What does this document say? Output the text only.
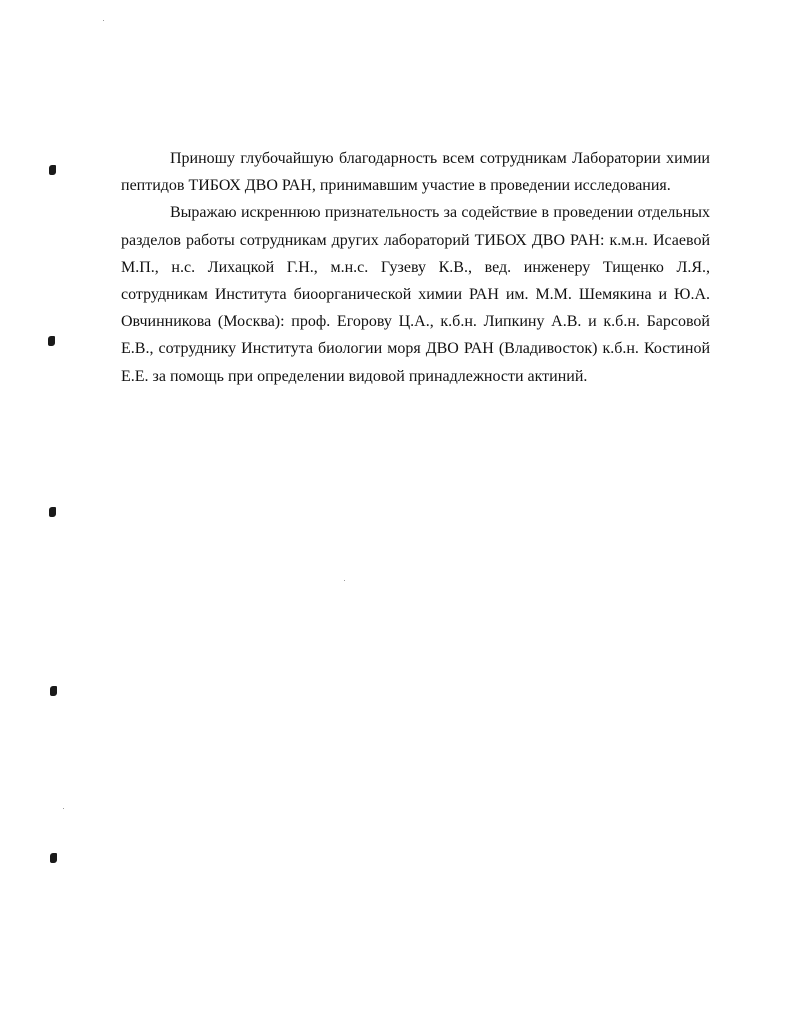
Приношу глубочайшую благодарность всем сотрудникам Лаборатории химии пептидов ТИБОХ ДВО РАН, принимавшим участие в проведении исследования.

Выражаю искреннюю признательность за содействие в проведении отдельных разделов работы сотрудникам других лабораторий ТИБОХ ДВО РАН: к.м.н. Исаевой М.П., н.с. Лихацкой Г.Н., м.н.с. Гузеву К.В., вед. инженеру Тищенко Л.Я., сотрудникам Института биоорганической химии РАН им. М.М. Шемякина и Ю.А. Овчинникова (Москва): проф. Егорову Ц.А., к.б.н. Липкину А.В. и к.б.н. Барсовой Е.В., сотруднику Института биологии моря ДВО РАН (Владивосток) к.б.н. Костиной Е.Е. за помощь при определении видовой принадлежности актиний.
